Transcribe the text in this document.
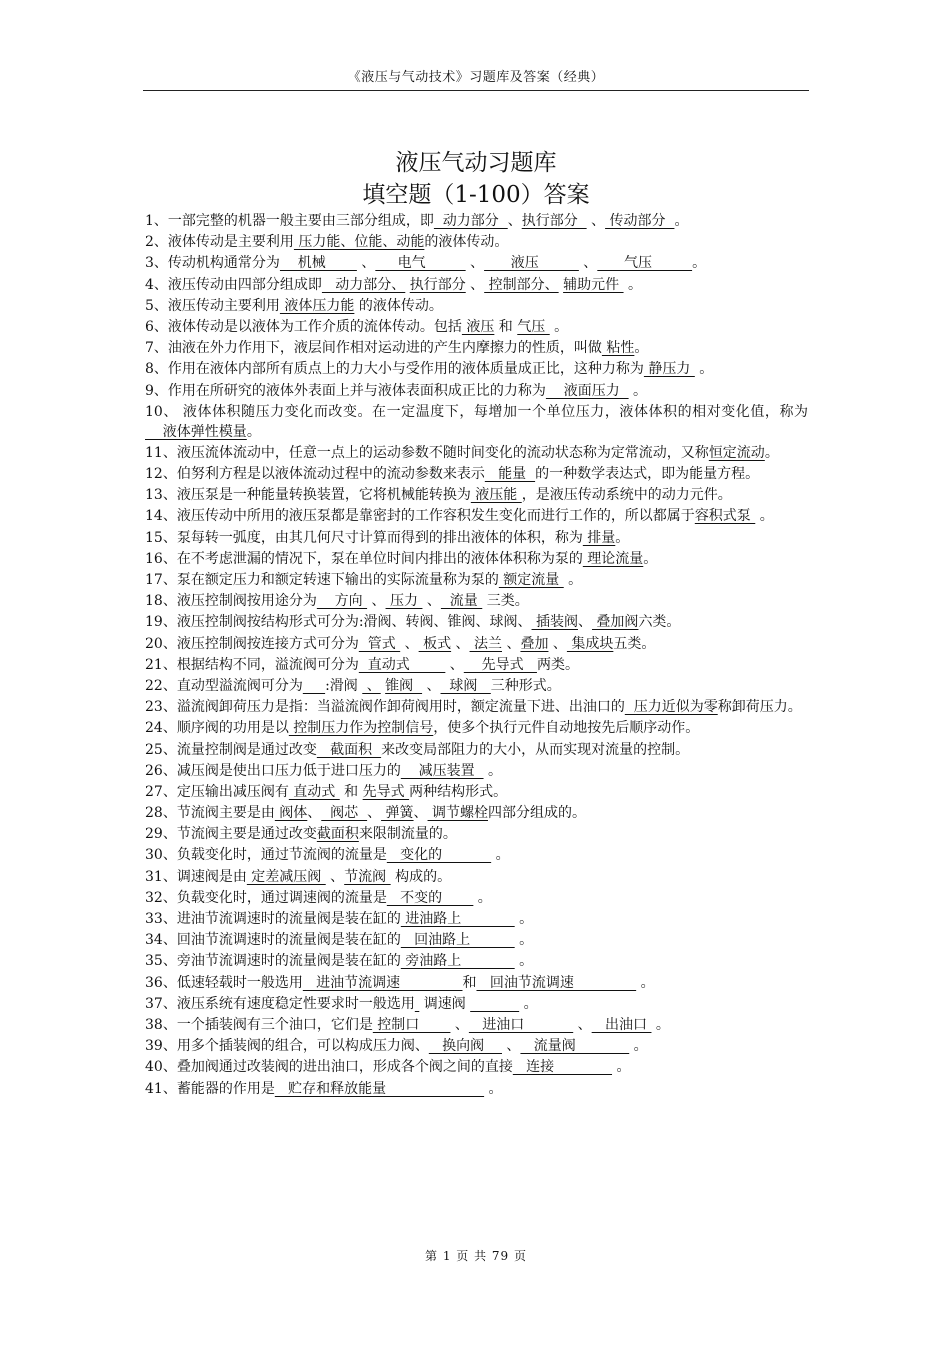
《液压与气动技术》习题库及答案（经典）
液压气动习题库
填空题（1-100）答案
1、一部完整的机器一般主要由三部分组成，即  动力部分  、执行部分   、 传动部分  。
2、液体传动是主要利用 压力能、位能、动能的液体传动。
3、传动机构通常分为    机械        、     电气          、      液压          、      气压         。
4、液压传动由四部分组成即   动力部分、 执行部分 、 控制部分、 辅助元件  。
5、液压传动主要利用 液体压力能 的液体传动。
6、液体传动是以液体为工作介质的流体传动。包括 液压 和 气压  。
7、油液在外力作用下，液层间作相对运动进的产生内摩擦力的性质，叫做 粘性。
8、作用在液体内部所有质点上的力大小与受作用的液体质量成正比，这种力称为 静压力  。
9、作用在所研究的液体外表面上并与液体表面积成正比的力称为    液面压力   。
10、 液体体积随压力变化而改变。在一定温度下，每增加一个单位压力，液体体积的相对变化值，称为    液体弹性模量。
11、液压流体流动中，任意一点上的运动参数不随时间变化的流动状态称为定常流动，又称恒定流动。
12、伯努利方程是以液体流动过程中的流动参数来表示   能量  的一种数学表达式，即为能量方程。
13、液压泵是一种能量转换装置，它将机械能转换为 液压能 ，是液压传动系统中的动力元件。
14、液压传动中所用的液压泵都是靠密封的工作容积发生变化而进行工作的，所以都属于容积式泵  。
15、泵每转一弧度，由其几何尺寸计算而得到的排出液体的体积，称为 排量。
16、在不考虑泄漏的情况下，泵在单位时间内排出的液体体积称为泵的 理论流量。
17、泵在额定压力和额定转速下输出的实际流量称为泵的 额定流量  。
18、液压控制阀按用途分为    方向  、 压力  、  流量  三类。
19、液压控制阀按结构形式可分为:滑阀、转阀、锥阀、球阀、 插装阀、 叠加阀六类。
20、液压控制阀按连接方式可分为  管式  、 板式 、 法兰 、叠加 、 集成块五类。
21、根据结构不同，溢流阀可分为  直动式         、    先导式   两类。
22、直动型溢流阀可分为 :滑阀  、 锥阀   、  球阀   三种形式。
23、溢流阀卸荷压力是指：当溢流阀作卸荷阀用时，额定流量下进、出油口的  压力近似为零称卸荷压力。
24、顺序阀的功用是以 控制压力作为控制信号，使多个执行元件自动地按先后顺序动作。
25、流量控制阀是通过改变   截面积  来改变局部阻力的大小，从而实现对流量的控制。
26、减压阀是使出口压力低于进口压力的    减压装置   。
27、定压输出减压阀有 直动式  和 先导式 两种结构形式。
28、节流阀主要是由 阀体、  阀芯  、 弹簧、 调节螺栓四部分组成的。
29、节流阀主要是通过改变截面积来限制流量的。
30、负载变化时，通过节流阀的流量是   变化的            。
31、调速阀是由 定差减压阀  、节流阀  构成的。
32、负载变化时，通过调速阀的流量是   不变的        。
33、进油节流调速时的流量阀是装在缸的 进油路上             。
34、回油节流调速时的流量阀是装在缸的   回油路上           。
35、旁油节流调速时的流量阀是装在缸的 旁油路上             。
36、低速轻载时一般选用   进油节流调速              和   回油节流调速               。
37、液压系统有速度稳定性要求时一般选用  调速阀	。
38、一个插装阀有三个油口，它们是 控制口        、   进油口            、   出油口  。
39、用多个插装阀的组合，可以构成压力阀、   换向阀     、   流量阀             。
40、叠加阀通过改装阀的进出油口，形成各个阀之间的直接   连接              。
41、蓄能器的作用是   贮存和释放能量                       。
第 1 页 共 79 页
